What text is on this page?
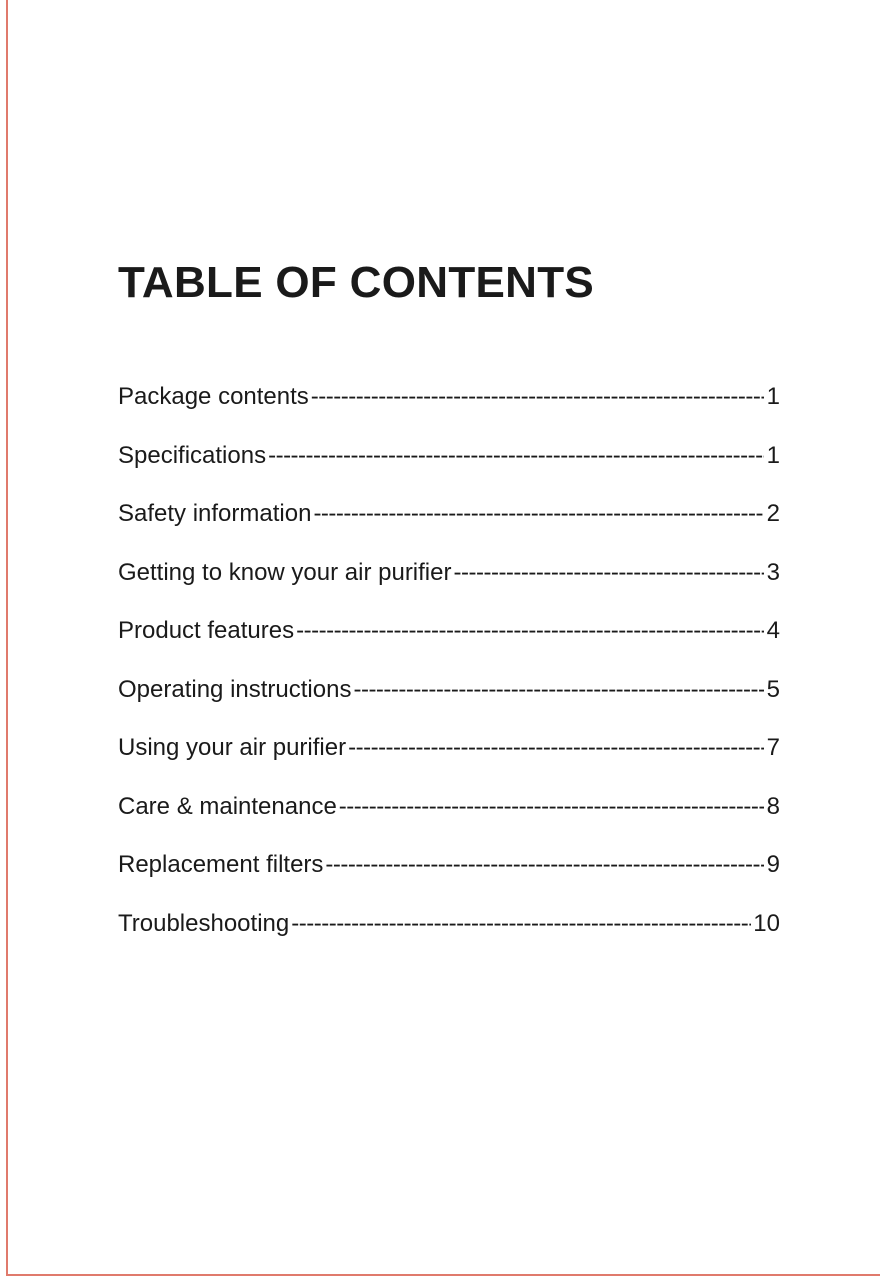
TABLE OF CONTENTS
Package contents -----	1
Specifications -----	1
Safety information -----	2
Getting to know your air purifier -----	3
Product features -----	4
Operating instructions -----	5
Using your air purifier -----	7
Care & maintenance -----	8
Replacement filters -----	9
Troubleshooting -----	10
